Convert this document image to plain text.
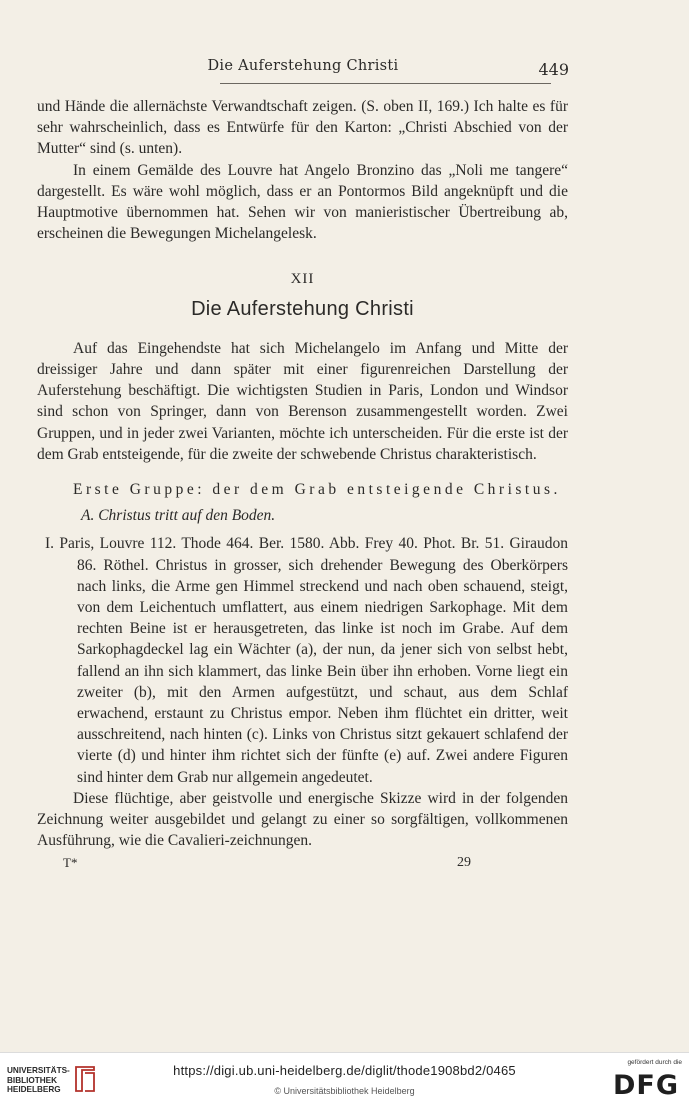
Die Auferstehung Christi	449

und Hände die allernächste Verwandtschaft zeigen. (S. oben II, 169.) Ich halte es für sehr wahrscheinlich, dass es Entwürfe für den Karton: „Christi Abschied von der Mutter“ sind (s. unten).

In einem Gemälde des Louvre hat Angelo Bronzino das „Noli me tangere“ dargestellt. Es wäre wohl möglich, dass er an Pontormos Bild angeknüpft und die Hauptmotive übernommen hat. Sehen wir von manieristischer Übertreibung ab, erscheinen die Bewegungen Michelangelesk.

XII

Die Auferstehung Christi

Auf das Eingehendste hat sich Michelangelo im Anfang und Mitte der dreissiger Jahre und dann später mit einer figurenreichen Darstellung der Auferstehung beschäftigt. Die wichtigsten Studien in Paris, London und Windsor sind schon von Springer, dann von Berenson zusammengestellt worden. Zwei Gruppen, und in jeder zwei Varianten, möchte ich unterscheiden. Für die erste ist der dem Grab entsteigende, für die zweite der schwebende Christus charakteristisch.

Erste Gruppe: der dem Grab entsteigende Christus.

A. Christus tritt auf den Boden.

I. Paris, Louvre 112. Thode 464. Ber. 1580. Abb. Frey 40. Phot. Br. 51. Giraudon 86. Röthel. Christus in grosser, sich drehender Bewegung des Oberkörpers nach links, die Arme gen Himmel streckend und nach oben schauend, steigt, von dem Leichentuch umflattert, aus einem niedrigen Sarkophage. Mit dem rechten Beine ist er herausgetreten, das linke ist noch im Grabe. Auf dem Sarkophagdeckel lag ein Wächter (a), der nun, da jener sich von selbst hebt, fallend an ihn sich klammert, das linke Bein über ihn erhoben. Vorne liegt ein zweiter (b), mit den Armen aufgestützt, und schaut, aus dem Schlaf erwachend, erstaunt zu Christus empor. Neben ihm flüchtet ein dritter, weit ausschreitend, nach hinten (c). Links von Christus sitzt gekauert schlafend der vierte (d) und hinter ihm richtet sich der fünfte (e) auf. Zwei andere Figuren sind hinter dem Grab nur allgemein angedeutet.

Diese flüchtige, aber geistvolle und energische Skizze wird in der folgenden Zeichnung weiter ausgebildet und gelangt zu einer so sorgfältigen, vollkommenen Ausführung, wie die Cavalieri-zeichnungen.

T*	29
UNIVERSITÄTS-
BIBLIOTHEK
HEIDELBERG
https://digi.ub.uni-heidelberg.de/diglit/thode1908bd2/0465
© Universitätsbibliothek Heidelberg
gefördert durch die
DFG
